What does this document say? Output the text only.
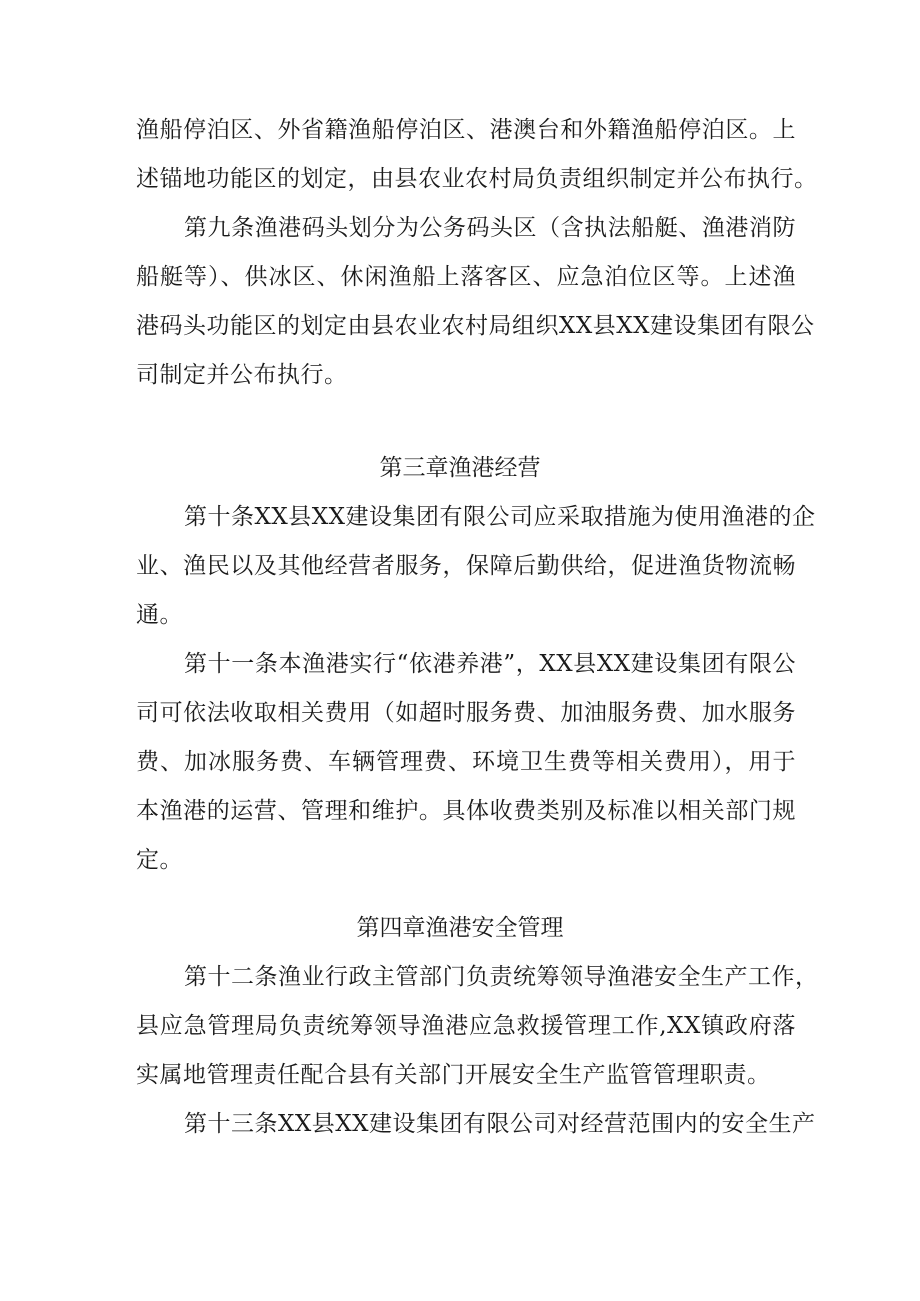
渔船停泊区、外省籍渔船停泊区、港澳台和外籍渔船停泊区。上
述锚地功能区的划定，由县农业农村局负责组织制定并公布执行。
第九条渔港码头划分为公务码头区（含执法船艇、渔港消防
船艇等）、供冰区、休闲渔船上落客区、应急泊位区等。上述渔
港码头功能区的划定由县农业农村局组织XX县XX建设集团有限公
司制定并公布执行。
第三章渔港经营
第十条XX县XX建设集团有限公司应采取措施为使用渔港的企
业、渔民以及其他经营者服务，保障后勤供给，促进渔货物流畅
通。
第十一条本渔港实行“依港养港”，XX县XX建设集团有限公
司可依法收取相关费用（如超时服务费、加油服务费、加水服务
费、加冰服务费、车辆管理费、环境卫生费等相关费用），用于
本渔港的运营、管理和维护。具体收费类别及标准以相关部门规
定。
第四章渔港安全管理
第十二条渔业行政主管部门负责统筹领导渔港安全生产工作，
县应急管理局负责统筹领导渔港应急救援管理工作,XX镇政府落
实属地管理责任配合县有关部门开展安全生产监管管理职责。
第十三条XX县XX建设集团有限公司对经营范围内的安全生产
